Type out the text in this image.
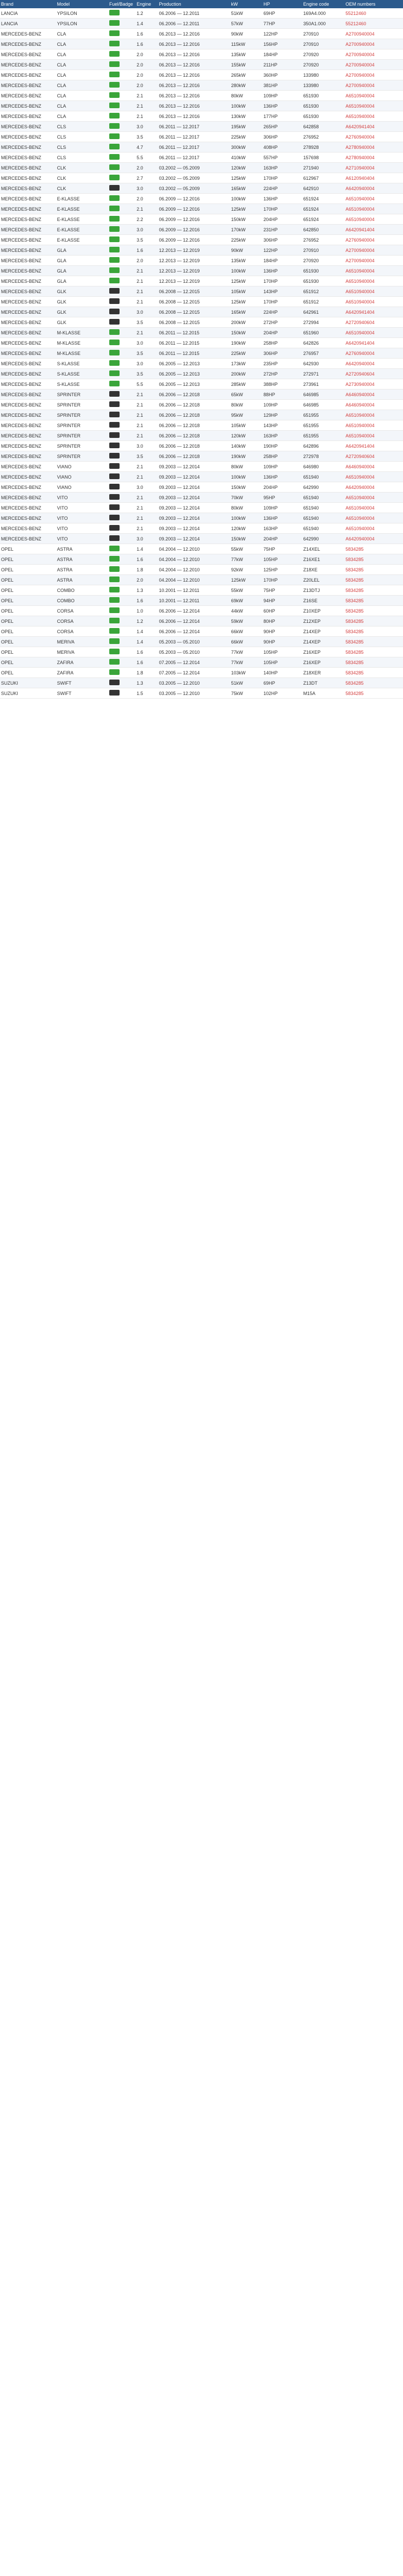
Brand	Model	Fuel/Badge	Engine	Production	kW	HP	Engine code	OEM numbers
LANCIA	YPSILON		1.2	06.2006 — 12.2011	51kW	69HP	169A4.000	55212460
LANCIA	YPSILON		1.4	06.2006 — 12.2011	57kW	77HP	350A1.000	55212460
MERCEDES-BENZ	CLA		1.6	06.2013 — 12.2016	90kW	122HP	270910	A2700940004
MERCEDES-BENZ	CLA		1.6	06.2013 — 12.2016	115kW	156HP	270910	A2700940004
MERCEDES-BENZ	CLA		2.0	06.2013 — 12.2016	135kW	184HP	270920	A2700940004
MERCEDES-BENZ	CLA		2.0	06.2013 — 12.2016	155kW	211HP	270920	A2700940004
MERCEDES-BENZ	CLA		2.0	06.2013 — 12.2016	265kW	360HP	133980	A2700940004
MERCEDES-BENZ	CLA		2.0	06.2013 — 12.2016	280kW	381HP	133980	A2700940004
MERCEDES-BENZ	CLA		2.1	06.2013 — 12.2016	80kW	109HP	651930	A6510940004
MERCEDES-BENZ	CLA		2.1	06.2013 — 12.2016	100kW	136HP	651930	A6510940004
MERCEDES-BENZ	CLA		2.1	06.2013 — 12.2016	130kW	177HP	651930	A6510940004
MERCEDES-BENZ	CLS		3.0	06.2011 — 12.2017	195kW	265HP	642858	A6420941404
MERCEDES-BENZ	CLS		3.5	06.2011 — 12.2017	225kW	306HP	276952	A2760940004
MERCEDES-BENZ	CLS		4.7	06.2011 — 12.2017	300kW	408HP	278928	A2780940004
MERCEDES-BENZ	CLS		5.5	06.2011 — 12.2017	410kW	557HP	157698	A2780940004
MERCEDES-BENZ	CLK		2.0	03.2002 — 05.2009	120kW	163HP	271940	A2710940004
MERCEDES-BENZ	CLK		2.7	03.2002 — 05.2009	125kW	170HP	612967	A6120940404
MERCEDES-BENZ	CLK		3.0	03.2002 — 05.2009	165kW	224HP	642910	A6420940004
MERCEDES-BENZ	E-KLASSE		2.0	06.2009 — 12.2016	100kW	136HP	651924	A6510940004
MERCEDES-BENZ	E-KLASSE		2.1	06.2009 — 12.2016	125kW	170HP	651924	A6510940004
MERCEDES-BENZ	E-KLASSE		2.2	06.2009 — 12.2016	150kW	204HP	651924	A6510940004
MERCEDES-BENZ	E-KLASSE		3.0	06.2009 — 12.2016	170kW	231HP	642850	A6420941404
MERCEDES-BENZ	E-KLASSE		3.5	06.2009 — 12.2016	225kW	306HP	276952	A2760940004
MERCEDES-BENZ	GLA		1.6	12.2013 — 12.2019	90kW	122HP	270910	A2700940004
MERCEDES-BENZ	GLA		2.0	12.2013 — 12.2019	135kW	184HP	270920	A2700940004
MERCEDES-BENZ	GLA		2.1	12.2013 — 12.2019	100kW	136HP	651930	A6510940004
MERCEDES-BENZ	GLA		2.1	12.2013 — 12.2019	125kW	170HP	651930	A6510940004
MERCEDES-BENZ	GLK		2.1	06.2008 — 12.2015	105kW	143HP	651912	A6510940004
MERCEDES-BENZ	GLK		2.1	06.2008 — 12.2015	125kW	170HP	651912	A6510940004
MERCEDES-BENZ	GLK		3.0	06.2008 — 12.2015	165kW	224HP	642961	A6420941404
MERCEDES-BENZ	GLK		3.5	06.2008 — 12.2015	200kW	272HP	272994	A2720940604
MERCEDES-BENZ	M-KLASSE		2.1	06.2011 — 12.2015	150kW	204HP	651960	A6510940004
MERCEDES-BENZ	M-KLASSE		3.0	06.2011 — 12.2015	190kW	258HP	642826	A6420941404
MERCEDES-BENZ	M-KLASSE		3.5	06.2011 — 12.2015	225kW	306HP	276957	A2760940004
MERCEDES-BENZ	S-KLASSE		3.0	06.2005 — 12.2013	173kW	235HP	642930	A6420940004
MERCEDES-BENZ	S-KLASSE		3.5	06.2005 — 12.2013	200kW	272HP	272971	A2720940604
MERCEDES-BENZ	S-KLASSE		5.5	06.2005 — 12.2013	285kW	388HP	273961	A2730940004
MERCEDES-BENZ	SPRINTER		2.1	06.2006 — 12.2018	65kW	88HP	646985	A6460940004
MERCEDES-BENZ	SPRINTER		2.1	06.2006 — 12.2018	80kW	109HP	646985	A6460940004
MERCEDES-BENZ	SPRINTER		2.1	06.2006 — 12.2018	95kW	129HP	651955	A6510940004
MERCEDES-BENZ	SPRINTER		2.1	06.2006 — 12.2018	105kW	143HP	651955	A6510940004
MERCEDES-BENZ	SPRINTER		2.1	06.2006 — 12.2018	120kW	163HP	651955	A6510940004
MERCEDES-BENZ	SPRINTER		3.0	06.2006 — 12.2018	140kW	190HP	642896	A6420941404
MERCEDES-BENZ	SPRINTER		3.5	06.2006 — 12.2018	190kW	258HP	272978	A2720940604
MERCEDES-BENZ	VIANO		2.1	09.2003 — 12.2014	80kW	109HP	646980	A6460940004
MERCEDES-BENZ	VIANO		2.1	09.2003 — 12.2014	100kW	136HP	651940	A6510940004
MERCEDES-BENZ	VIANO		3.0	09.2003 — 12.2014	150kW	204HP	642990	A6420940004
MERCEDES-BENZ	VITO		2.1	09.2003 — 12.2014	70kW	95HP	651940	A6510940004
MERCEDES-BENZ	VITO		2.1	09.2003 — 12.2014	80kW	109HP	651940	A6510940004
MERCEDES-BENZ	VITO		2.1	09.2003 — 12.2014	100kW	136HP	651940	A6510940004
MERCEDES-BENZ	VITO		2.1	09.2003 — 12.2014	120kW	163HP	651940	A6510940004
MERCEDES-BENZ	VITO		3.0	09.2003 — 12.2014	150kW	204HP	642990	A6420940004
OPEL	ASTRA		1.4	04.2004 — 12.2010	55kW	75HP	Z14XEL	5834285
OPEL	ASTRA		1.6	04.2004 — 12.2010	77kW	105HP	Z16XE1	5834285
OPEL	ASTRA		1.8	04.2004 — 12.2010	92kW	125HP	Z18XE	5834285
OPEL	ASTRA		2.0	04.2004 — 12.2010	125kW	170HP	Z20LEL	5834285
OPEL	COMBO		1.3	10.2001 — 12.2011	55kW	75HP	Z13DTJ	5834285
OPEL	COMBO		1.6	10.2001 — 12.2011	69kW	94HP	Z16SE	5834285
OPEL	CORSA		1.0	06.2006 — 12.2014	44kW	60HP	Z10XEP	5834285
OPEL	CORSA		1.2	06.2006 — 12.2014	59kW	80HP	Z12XEP	5834285
OPEL	CORSA		1.4	06.2006 — 12.2014	66kW	90HP	Z14XEP	5834285
OPEL	MERIVA		1.4	05.2003 — 05.2010	66kW	90HP	Z14XEP	5834285
OPEL	MERIVA		1.6	05.2003 — 05.2010	77kW	105HP	Z16XEP	5834285
OPEL	ZAFIRA		1.6	07.2005 — 12.2014	77kW	105HP	Z16XEP	5834285
OPEL	ZAFIRA		1.8	07.2005 — 12.2014	103kW	140HP	Z18XER	5834285
SUZUKI	SWIFT		1.3	03.2005 — 12.2010	51kW	69HP	Z13DT	5834285
SUZUKI	SWIFT		1.5	03.2005 — 12.2010	75kW	102HP	M15A	5834285
